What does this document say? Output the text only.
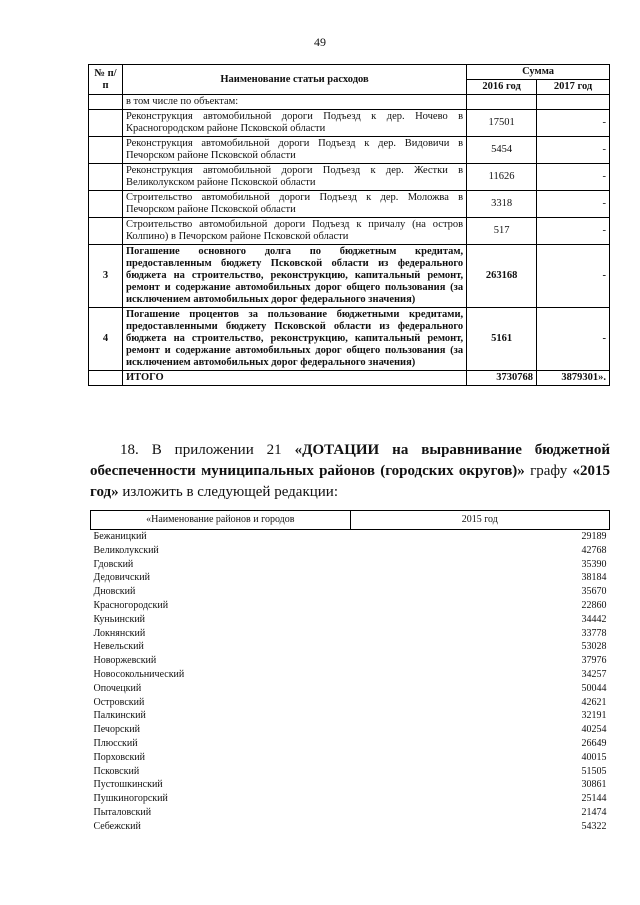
49
№ п/п	Наименование статьи расходов	Сумма	
		2016 год	2017 год
	в том числе по объектам:		
	Реконструкция автомобильной дороги Подъезд к дер. Ночево в Красногородском районе Псковской области	17501	-
	Реконструкция автомобильной дороги Подъезд к дер. Видовичи в Печорском районе Псковской области	5454	-
	Реконструкция автомобильной дороги Подъезд к дер. Жестки в Великолукском районе Псковской области	11626	-
	Строительство автомобильной дороги Подъезд к дер. Моложва в Печорском районе Псковской области	3318	-
	Строительство автомобильной дороги Подъезд к причалу (на остров Колпино) в Печорском районе Псковской области	517	-
3	Погашение основного долга по бюджетным кредитам, предоставленным бюджету Псковской области из федерального бюджета на строительство, реконструкцию, капитальный ремонт, ремонт и содержание автомобильных дорог общего пользования (за исключением автомобильных дорог федерального значения)	263168	-
4	Погашение процентов за пользование бюджетными кредитами, предоставленными бюджету Псковской области из федерального бюджета на строительство, реконструкцию, капитальный ремонт, ремонт и содержание автомобильных дорог общего пользования (за исключением автомобильных дорог федерального значения)	5161	-
	ИТОГО	3730768	3879301».
18. В приложении 21 «ДОТАЦИИ на выравнивание бюджетной обеспеченности муниципальных районов (городских округов)» графу «2015 год» изложить в следующей редакции:
«Наименование районов и городов	2015 год
Бежаницкий	29189
Великолукский	42768
Гдовский	35390
Дедовичский	38184
Дновский	35670
Красногородский	22860
Куньинский	34442
Локнянский	33778
Невельский	53028
Новоржевский	37976
Новосокольнический	34257
Опочецкий	50044
Островский	42621
Палкинский	32191
Печорский	40254
Плюсский	26649
Порховский	40015
Псковский	51505
Пустошкинский	30861
Пушкиногорский	25144
Пыталовский	21474
Себежский	54322
